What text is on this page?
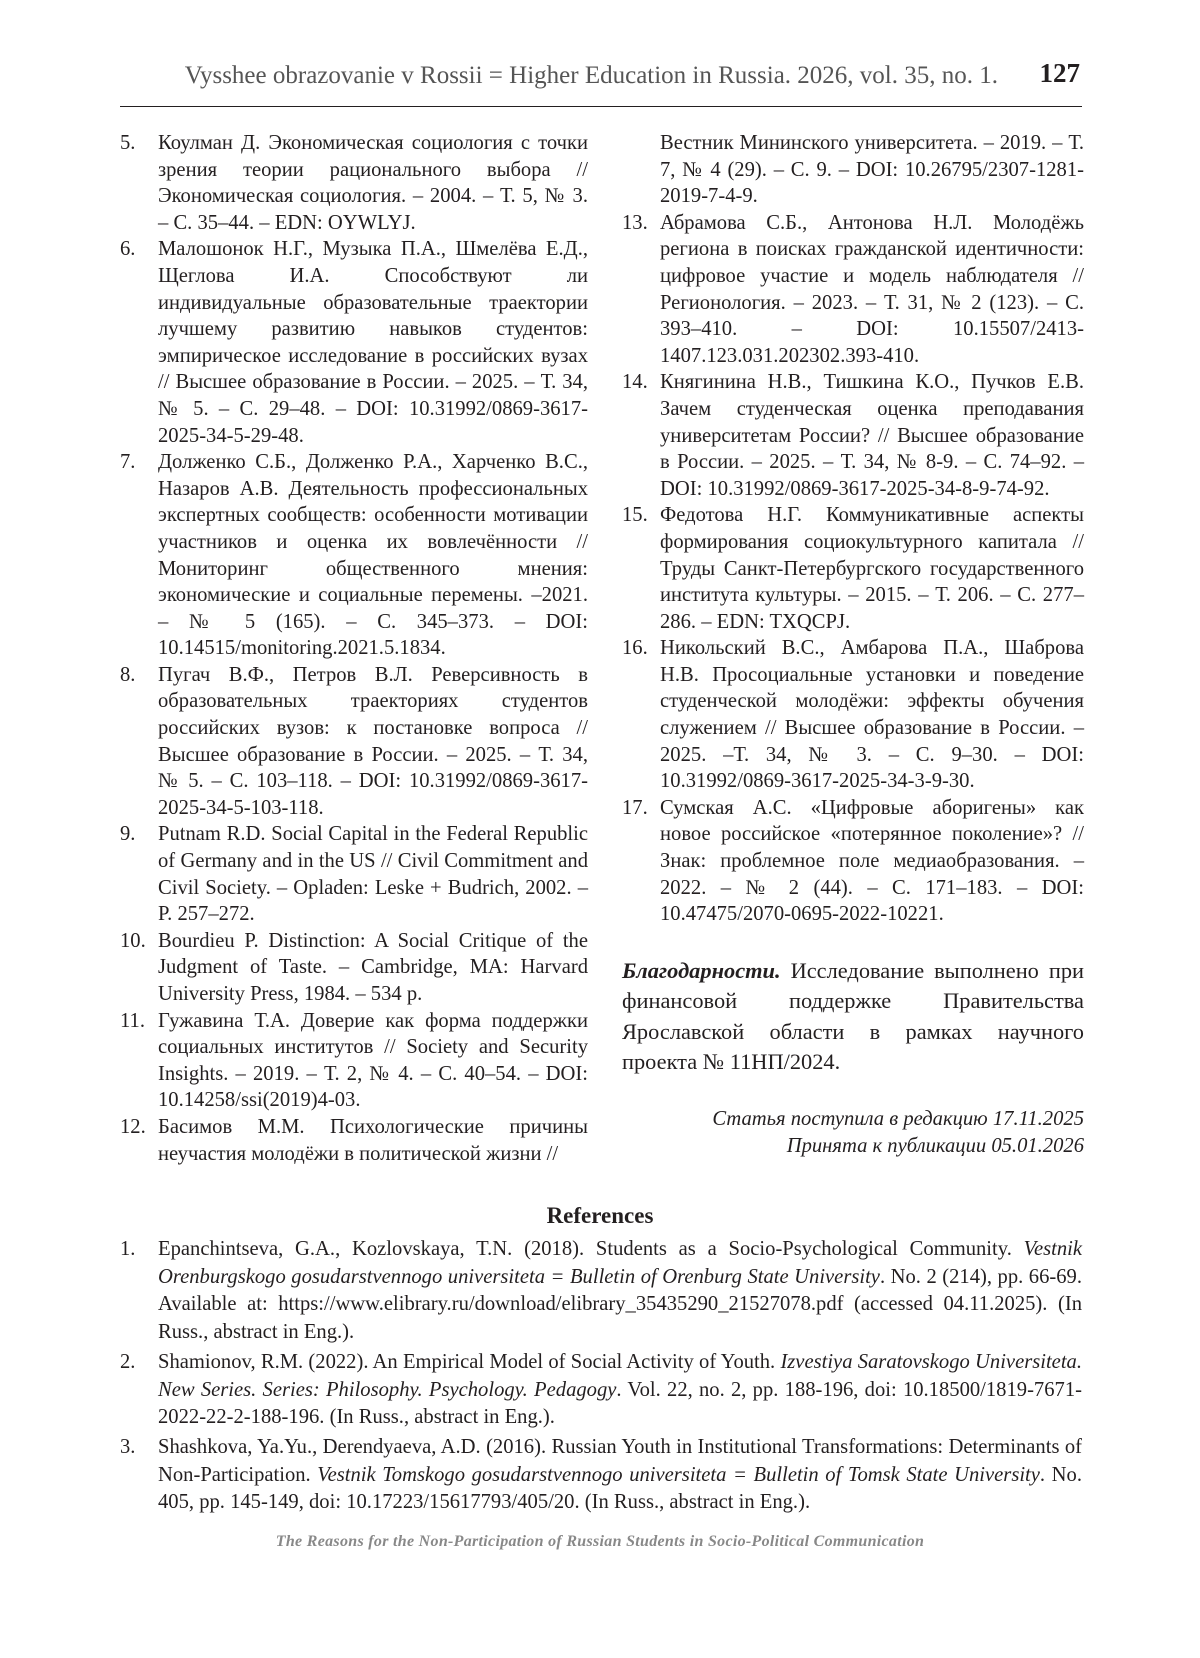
Vysshee obrazovanie v Rossii = Higher Education in Russia. 2026, vol. 35, no. 1. 127
5. Коулман Д. Экономическая социология с точки зрения теории рационального выбора // Экономическая социология. – 2004. – Т. 5, № 3. – С. 35–44. – EDN: OYWLYJ.
6. Малошонок Н.Г., Музыка П.А., Шмелёва Е.Д., Щеглова И.А. Способствуют ли индивидуальные образовательные траектории лучшему развитию навыков студентов: эмпирическое исследование в российских вузах // Высшее образование в России. – 2025. – Т. 34, № 5. – С. 29–48. – DOI: 10.31992/0869-3617-2025-34-5-29-48.
7. Долженко С.Б., Долженко Р.А., Харченко В.С., Назаров А.В. Деятельность профессиональных экспертных сообществ: особенности мотивации участников и оценка их вовлечённости // Мониторинг общественного мнения: экономические и социальные перемены. –2021. – № 5 (165). – С. 345–373. – DOI: 10.14515/monitoring.2021.5.1834.
8. Пугач В.Ф., Петров В.Л. Реверсивность в образовательных траекториях студентов российских вузов: к постановке вопроса // Высшее образование в России. – 2025. – Т. 34, № 5. – С. 103–118. – DOI: 10.31992/0869-3617-2025-34-5-103-118.
9. Putnam R.D. Social Capital in the Federal Republic of Germany and in the US // Civil Commitment and Civil Society. – Opladen: Leske + Budrich, 2002. – P. 257–272.
10. Bourdieu P. Distinction: A Social Critique of the Judgment of Taste. – Cambridge, MA: Harvard University Press, 1984. – 534 p.
11. Гужавина Т.А. Доверие как форма поддержки социальных институтов // Society and Security Insights. – 2019. – Т. 2, № 4. – С. 40–54. – DOI: 10.14258/ssi(2019)4-03.
12. Басимов М.М. Психологические причины неучастия молодёжи в политической жизни //
Вестник Мининского университета. – 2019. – Т. 7, № 4 (29). – С. 9. – DOI: 10.26795/2307-1281-2019-7-4-9.
13. Абрамова С.Б., Антонова Н.Л. Молодёжь региона в поисках гражданской идентичности: цифровое участие и модель наблюдателя // Регионология. – 2023. – Т. 31, № 2 (123). – С. 393–410. – DOI: 10.15507/2413-1407.123.031.202302.393-410.
14. Княгинина Н.В., Тишкина К.О., Пучков Е.В. Зачем студенческая оценка преподавания университетам России? // Высшее образование в России. – 2025. – Т. 34, № 8-9. – С. 74–92. – DOI: 10.31992/0869-3617-2025-34-8-9-74-92.
15. Федотова Н.Г. Коммуникативные аспекты формирования социокультурного капитала // Труды Санкт-Петербургского государственного института культуры. – 2015. – Т. 206. – С. 277–286. – EDN: TXQCPJ.
16. Никольский В.С., Амбарова П.А., Шаброва Н.В. Просоциальные установки и поведение студенческой молодёжи: эффекты обучения служением // Высшее образование в России. – 2025. –Т. 34, № 3. – С. 9–30. – DOI: 10.31992/0869-3617-2025-34-3-9-30.
17. Сумская А.С. «Цифровые аборигены» как новое российское «потерянное поколение»? // Знак: проблемное поле медиаобразования. – 2022. – № 2 (44). – С. 171–183. – DOI: 10.47475/2070-0695-2022-10221.
Благодарности. Исследование выполнено при финансовой поддержке Правительства Ярославской области в рамках научного проекта № 11НП/2024.
Статья поступила в редакцию 17.11.2025
Принята к публикации 05.01.2026
References
1. Epanchintseva, G.A., Kozlovskaya, T.N. (2018). Students as a Socio-Psychological Community. Vestnik Orenburgskogo gosudarstvennogo universiteta = Bulletin of Orenburg State University. No. 2 (214), pp. 66-69. Available at: https://www.elibrary.ru/download/elibrary_35435290_21527078.pdf (accessed 04.11.2025). (In Russ., abstract in Eng.).
2. Shamionov, R.M. (2022). An Empirical Model of Social Activity of Youth. Izvestiya Saratovskogo Universiteta. New Series. Series: Philosophy. Psychology. Pedagogy. Vol. 22, no. 2, pp. 188-196, doi: 10.18500/1819-7671-2022-22-2-188-196. (In Russ., abstract in Eng.).
3. Shashkova, Ya.Yu., Derendyaeva, A.D. (2016). Russian Youth in Institutional Transformations: Determinants of Non-Participation. Vestnik Tomskogo gosudarstvennogo universiteta = Bulletin of Tomsk State University. No. 405, pp. 145-149, doi: 10.17223/15617793/405/20. (In Russ., abstract in Eng.).
The Reasons for the Non-Participation of Russian Students in Socio-Political Communication
